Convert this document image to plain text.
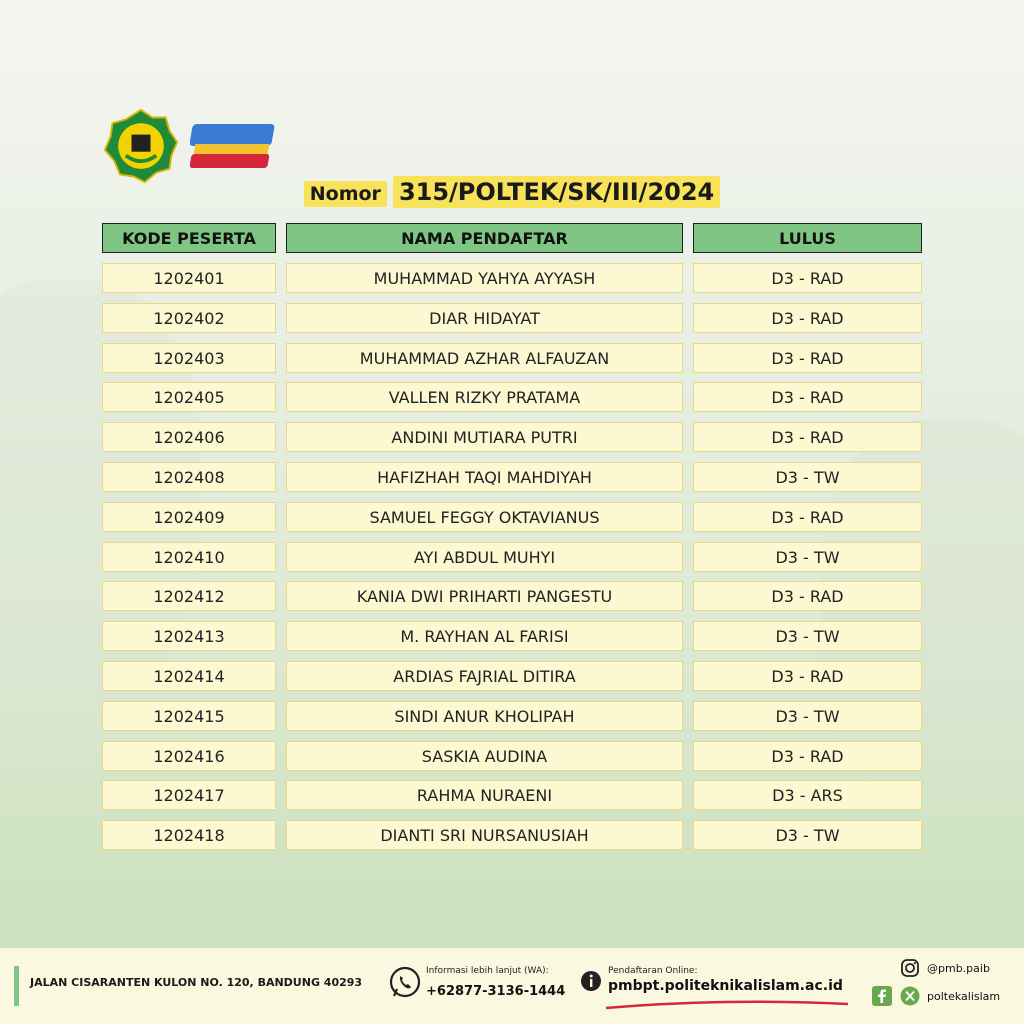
Nomor 315/POLTEK/SK/III/2024
KODE PESERTA	NAMA PENDAFTAR	LULUS
1202401	MUHAMMAD YAHYA AYYASH	D3 - RAD
1202402	DIAR HIDAYAT	D3 - RAD
1202403	MUHAMMAD AZHAR ALFAUZAN	D3 - RAD
1202405	VALLEN RIZKY PRATAMA	D3 - RAD
1202406	ANDINI MUTIARA PUTRI	D3 - RAD
1202408	HAFIZHAH TAQI MAHDIYAH	D3 - TW
1202409	SAMUEL FEGGY OKTAVIANUS	D3 - RAD
1202410	AYI ABDUL MUHYI	D3 - TW
1202412	KANIA DWI PRIHARTI PANGESTU	D3 - RAD
1202413	M. RAYHAN AL FARISI	D3 - TW
1202414	ARDIAS FAJRIAL DITIRA	D3 - RAD
1202415	SINDI ANUR KHOLIPAH	D3 - TW
1202416	SASKIA AUDINA	D3 - RAD
1202417	RAHMA NURAENI	D3 - ARS
1202418	DIANTI SRI NURSANUSIAH	D3 - TW
JALAN CISARANTEN KULON NO. 120, BANDUNG 40293
Informasi lebih lanjut (WA):
+62877-3136-1444
Pendaftaran Online:
pmbpt.politeknikalislam.ac.id
@pmb.paib
poltekalislam
